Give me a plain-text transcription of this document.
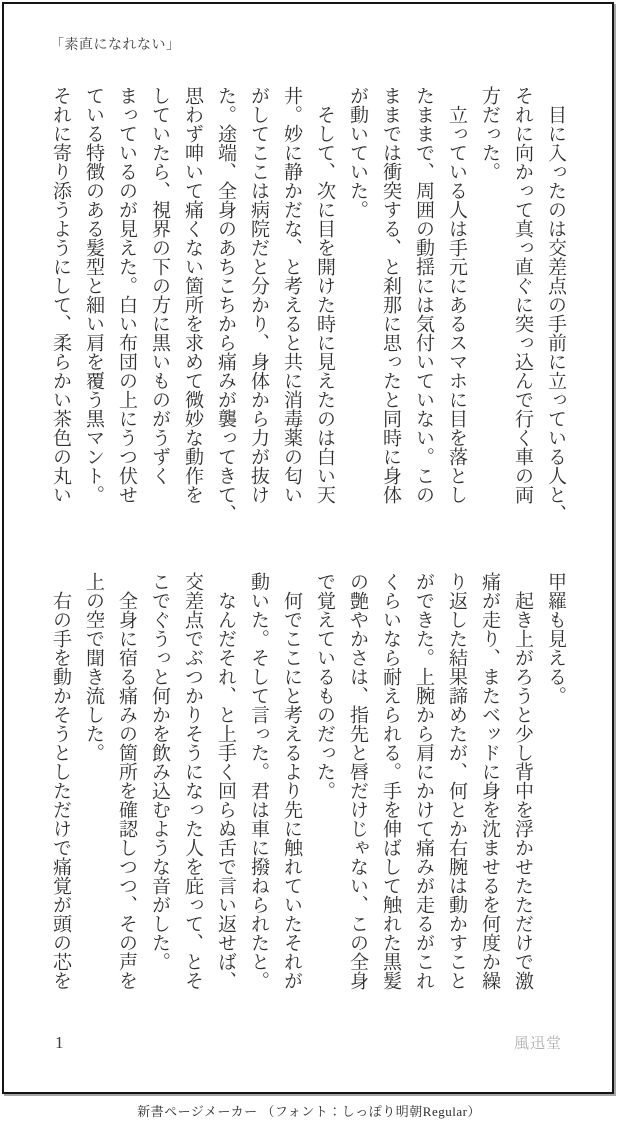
「素直になれない」
　目に入ったのは交差点の手前に立っている人と、
それに向かって真っ直ぐに突っ込んで行く車の両
方だった。
　立っている人は手元にあるスマホに目を落とし
たままで、周囲の動揺には気付いていない。この
ままでは衝突する、と刹那に思ったと同時に身体
が動いていた。
　そして、次に目を開けた時に見えたのは白い天
井。妙に静かだな、と考えると共に消毒薬の匂い
がしてここは病院だと分かり、身体から力が抜け
た。途端、全身のあちこちから痛みが襲ってきて、
思わず呻いて痛くない箇所を求めて微妙な動作を
していたら、視界の下の方に黒いものがうずく
まっているのが見えた。白い布団の上にうつ伏せ
ている特徴のある髪型と細い肩を覆う黒マント。
それに寄り添うようにして、柔らかい茶色の丸い
甲羅も見える。
　起き上がろうと少し背中を浮かせたただけで激
痛が走り、またベッドに身を沈ませるを何度か繰
り返した結果諦めたが、何とか右腕は動かすこと
ができた。上腕から肩にかけて痛みが走るがこれ
くらいなら耐えられる。手を伸ばして触れた黒髪
の艶やかさは、指先と唇だけじゃない、この全身
で覚えているものだった。
　何でここにと考えるより先に触れていたそれが
動いた。そして言った。君は車に撥ねられたと。
　なんだそれ、と上手く回らぬ舌で言い返せば、
交差点でぶつかりそうになった人を庇って、とそ
こでぐうっと何かを飲み込むような音がした。
　全身に宿る痛みの箇所を確認しつつ、その声を
上の空で聞き流した。
　右の手を動かそうとしただけで痛覚が頭の芯を
1	風迅堂
新書ページメーカー （フォント：しっぽり明朝Regular）
